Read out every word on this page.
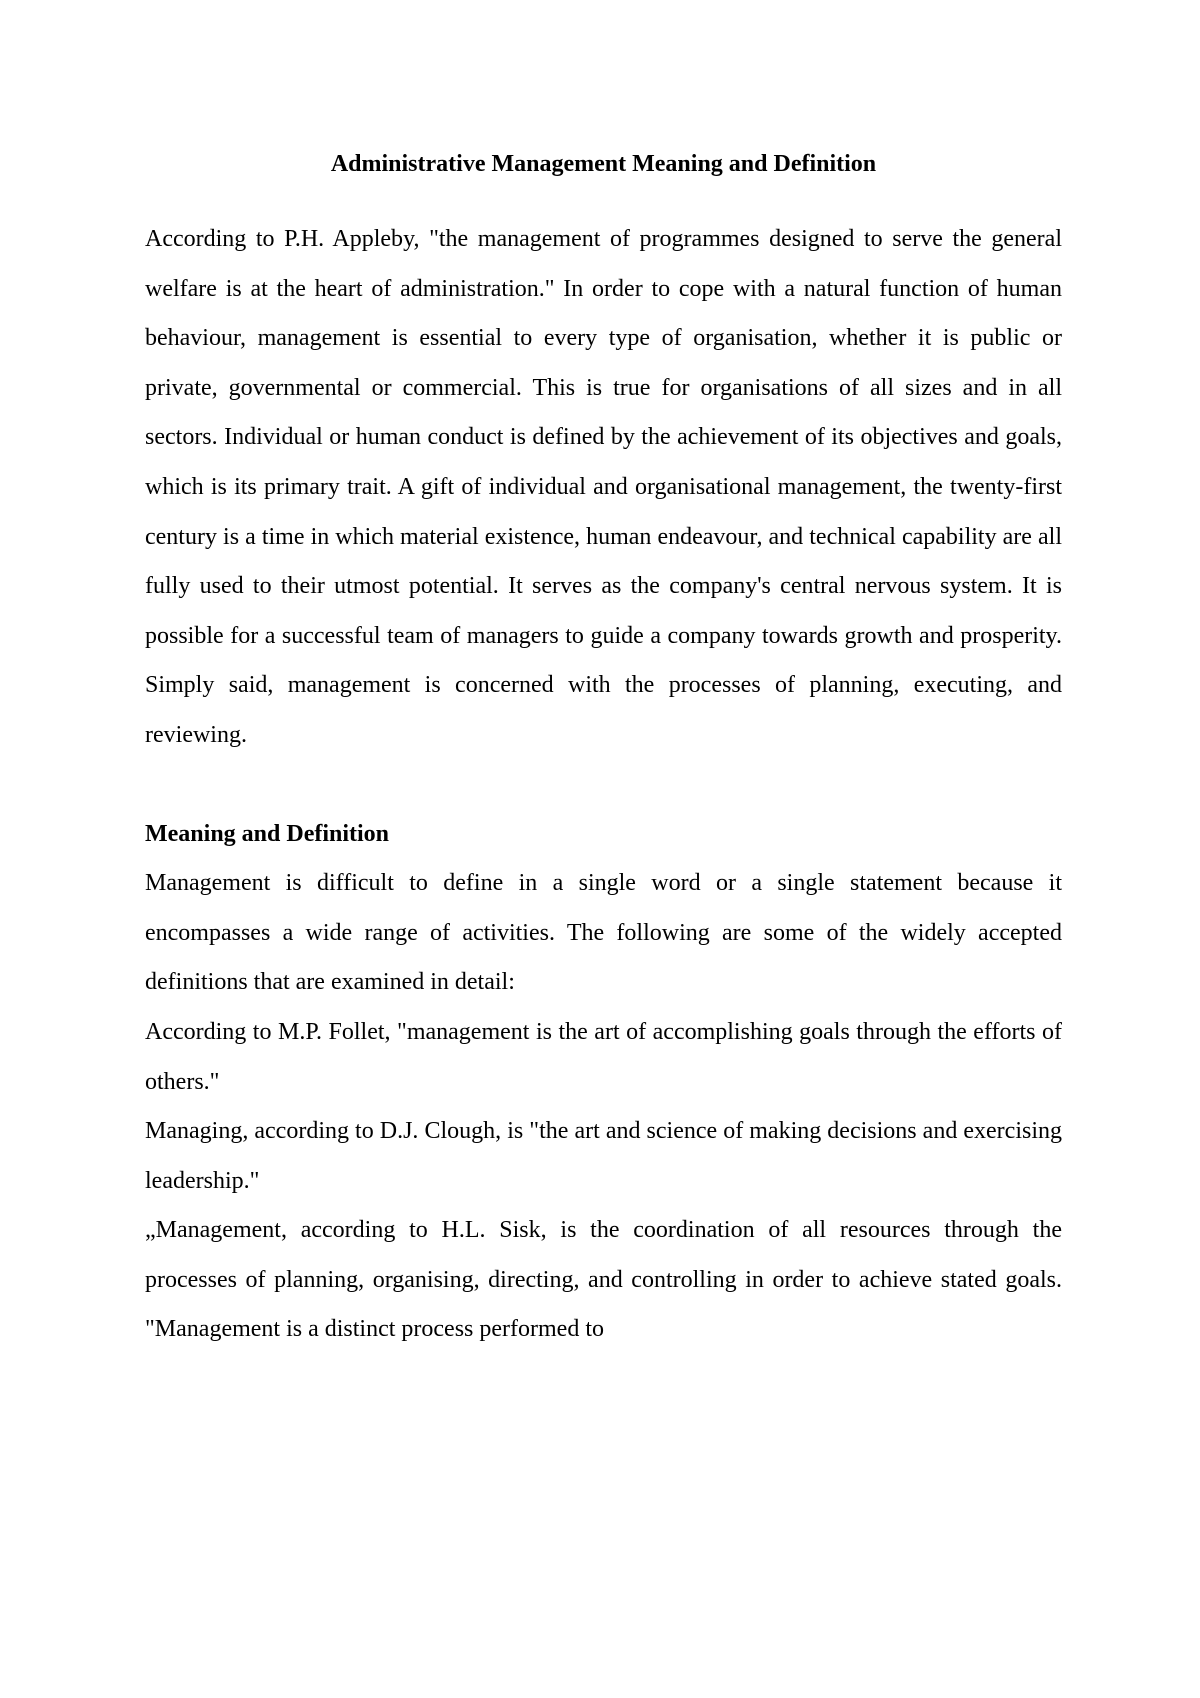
Administrative Management Meaning and Definition

According to P.H. Appleby, "the management of programmes designed to serve the general welfare is at the heart of administration." In order to cope with a natural function of human behaviour, management is essential to every type of organisation, whether it is public or private, governmental or commercial. This is true for organisations of all sizes and in all sectors. Individual or human conduct is defined by the achievement of its objectives and goals, which is its primary trait. A gift of individual and organisational management, the twenty-first century is a time in which material existence, human endeavour, and technical capability are all fully used to their utmost potential. It serves as the company's central nervous system. It is possible for a successful team of managers to guide a company towards growth and prosperity. Simply said, management is concerned with the processes of planning, executing, and reviewing.

Meaning and Definition

Management is difficult to define in a single word or a single statement because it encompasses a wide range of activities. The following are some of the widely accepted definitions that are examined in detail:

According to M.P. Follet, "management is the art of accomplishing goals through the efforts of others."

Managing, according to D.J. Clough, is "the art and science of making decisions and exercising leadership."

„Management, according to H.L. Sisk, is the coordination of all resources through the processes of planning, organising, directing, and controlling in order to achieve stated goals. "Management is a distinct process performed to
